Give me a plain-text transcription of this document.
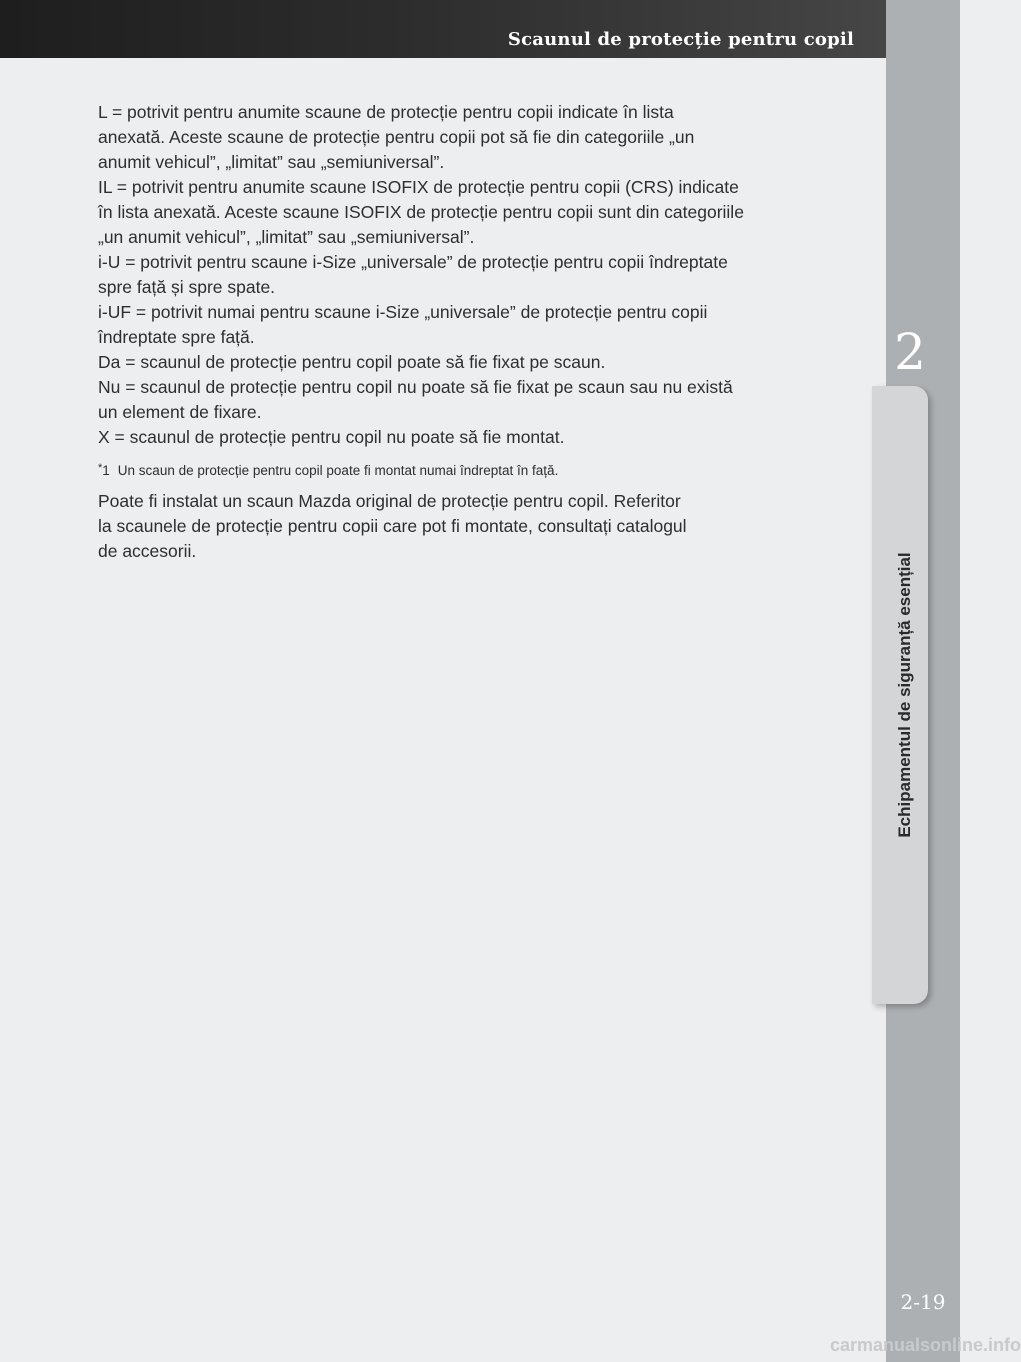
Scaunul de protecție pentru copil
2
Echipamentul de siguranță esențial
2-19
L = potrivit pentru anumite scaune de protecție pentru copii indicate în lista
anexată. Aceste scaune de protecție pentru copii pot să fie din categoriile „un
anumit vehicul”, „limitat” sau „semiuniversal”.
IL = potrivit pentru anumite scaune ISOFIX de protecție pentru copii (CRS) indicate
în lista anexată. Aceste scaune ISOFIX de protecție pentru copii sunt din categoriile
„un anumit vehicul”, „limitat” sau „semiuniversal”.
i-U = potrivit pentru scaune i-Size „universale” de protecție pentru copii îndreptate
spre față și spre spate.
i-UF = potrivit numai pentru scaune i-Size „universale” de protecție pentru copii
îndreptate spre față.
Da = scaunul de protecție pentru copil poate să fie fixat pe scaun.
Nu = scaunul de protecție pentru copil nu poate să fie fixat pe scaun sau nu există
un element de fixare.
X = scaunul de protecție pentru copil nu poate să fie montat.
*1 Un scaun de protecție pentru copil poate fi montat numai îndreptat în față.
Poate fi instalat un scaun Mazda original de protecție pentru copil. Referitor
la scaunele de protecție pentru copii care pot fi montate, consultați catalogul
de accesorii.
carmanualsonline.info
